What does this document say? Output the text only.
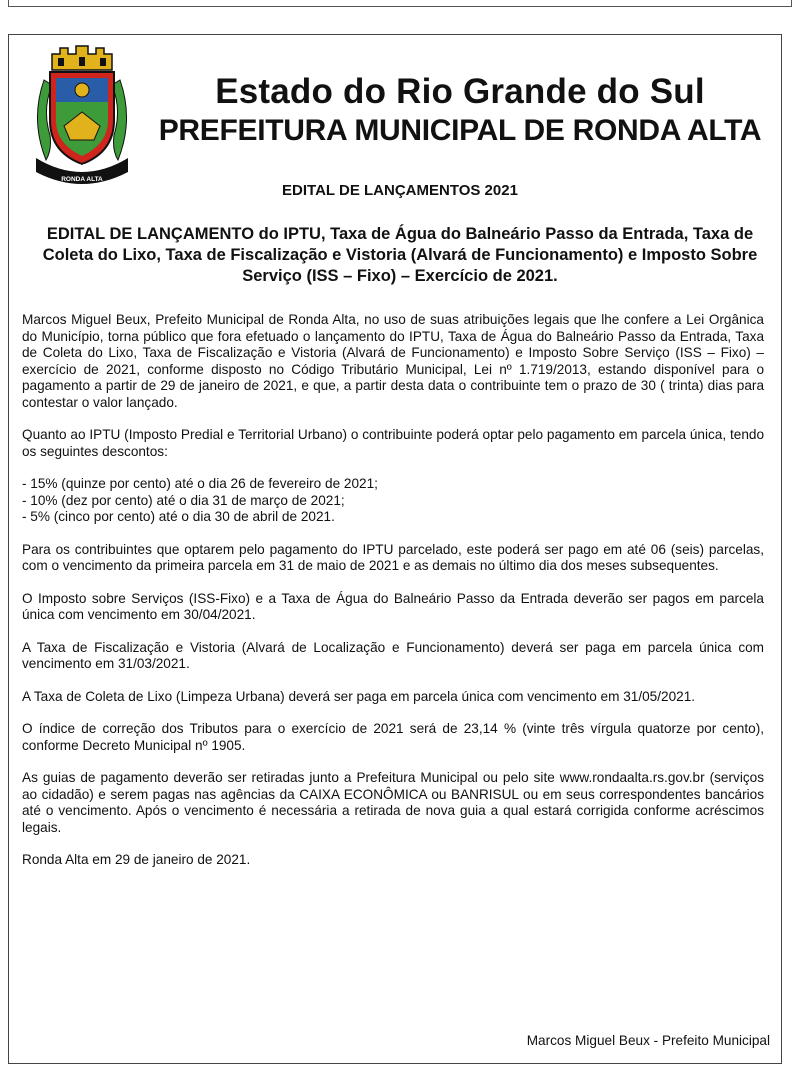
28.12.63
RONDA ALTA
Estado do Rio Grande do Sul
PREFEITURA MUNICIPAL DE RONDA ALTA
EDITAL DE LANÇAMENTOS 2021
EDITAL DE LANÇAMENTO do IPTU, Taxa de Água do Balneário Passo da Entrada, Taxa de Coleta do Lixo, Taxa de Fiscalização e Vistoria (Alvará de Funcionamento) e Imposto Sobre Serviço (ISS – Fixo) – Exercício de 2021.

Marcos Miguel Beux, Prefeito Municipal de Ronda Alta, no uso de suas atribuições legais que lhe confere a Lei Orgânica do Município, torna público que fora efetuado o lançamento do IPTU, Taxa de Água do Balneário Passo da Entrada, Taxa de Coleta do Lixo, Taxa de Fiscalização e Vistoria (Alvará de Funcionamento) e Imposto Sobre Serviço (ISS – Fixo) – exercício de 2021, conforme disposto no Código Tributário Municipal, Lei nº 1.719/2013, estando disponível para o pagamento a partir de 29 de janeiro de 2021, e que, a partir desta data o contribuinte tem o prazo de 30 ( trinta) dias para contestar o valor lançado.

Quanto ao IPTU (Imposto Predial e Territorial Urbano) o contribuinte poderá optar pelo pagamento em parcela única, tendo os seguintes descontos:

- 15% (quinze por cento) até o dia 26 de fevereiro de 2021;
- 10% (dez por cento) até o dia 31 de março de 2021;
- 5% (cinco por cento) até o dia 30 de abril de 2021.

Para os contribuintes que optarem pelo pagamento do IPTU parcelado, este poderá ser pago em até 06 (seis) parcelas, com o vencimento da primeira parcela em 31 de maio de 2021 e as demais no último dia dos meses subsequentes.

O Imposto sobre Serviços (ISS-Fixo) e a Taxa de Água do Balneário Passo da Entrada deverão ser pagos em parcela única com vencimento em 30/04/2021.

A Taxa de Fiscalização e Vistoria (Alvará de Localização e Funcionamento) deverá ser paga em parcela única com vencimento em 31/03/2021.

A Taxa de Coleta de Lixo (Limpeza Urbana) deverá ser paga em parcela única com vencimento em 31/05/2021.

O índice de correção dos Tributos para o exercício de 2021 será de 23,14 % (vinte três vírgula quatorze por cento), conforme Decreto Municipal nº 1905.

As guias de pagamento deverão ser retiradas junto a Prefeitura Municipal ou pelo site www.rondaalta.rs.gov.br (serviços ao cidadão) e serem pagas nas agências da CAIXA ECONÔMICA ou BANRISUL ou em seus correspondentes bancários até o vencimento. Após o vencimento é necessária a retirada de nova guia a qual estará corrigida conforme acréscimos legais.

Ronda Alta em 29 de janeiro de 2021.

Marcos Miguel Beux - Prefeito Municipal
